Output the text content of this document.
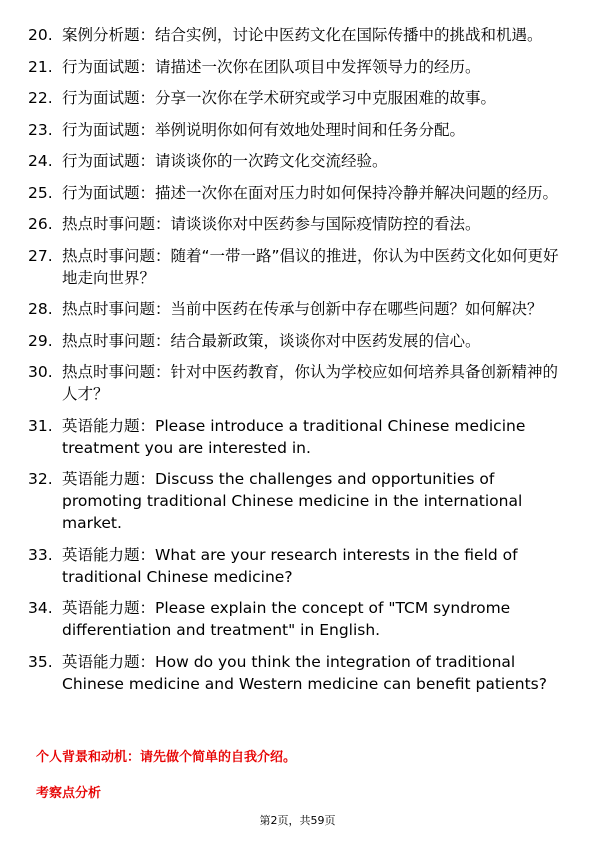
20. 案例分析题：结合实例，讨论中医药文化在国际传播中的挑战和机遇。
21. 行为面试题：请描述一次你在团队项目中发挥领导力的经历。
22. 行为面试题：分享一次你在学术研究或学习中克服困难的故事。
23. 行为面试题：举例说明你如何有效地处理时间和任务分配。
24. 行为面试题：请谈谈你的一次跨文化交流经验。
25. 行为面试题：描述一次你在面对压力时如何保持冷静并解决问题的经历。
26. 热点时事问题：请谈谈你对中医药参与国际疫情防控的看法。
27. 热点时事问题：随着“一带一路”倡议的推进，你认为中医药文化如何更好地走向世界？
28. 热点时事问题：当前中医药在传承与创新中存在哪些问题？如何解决？
29. 热点时事问题：结合最新政策，谈谈你对中医药发展的信心。
30. 热点时事问题：针对中医药教育，你认为学校应如何培养具备创新精神的人才？
31. 英语能力题：Please introduce a traditional Chinese medicine treatment you are interested in.
32. 英语能力题：Discuss the challenges and opportunities of promoting traditional Chinese medicine in the international market.
33. 英语能力题：What are your research interests in the field of traditional Chinese medicine?
34. 英语能力题：Please explain the concept of "TCM syndrome differentiation and treatment" in English.
35. 英语能力题：How do you think the integration of traditional Chinese medicine and Western medicine can benefit patients?
个人背景和动机：请先做个简单的自我介绍。
考察点分析
第2页，共59页
